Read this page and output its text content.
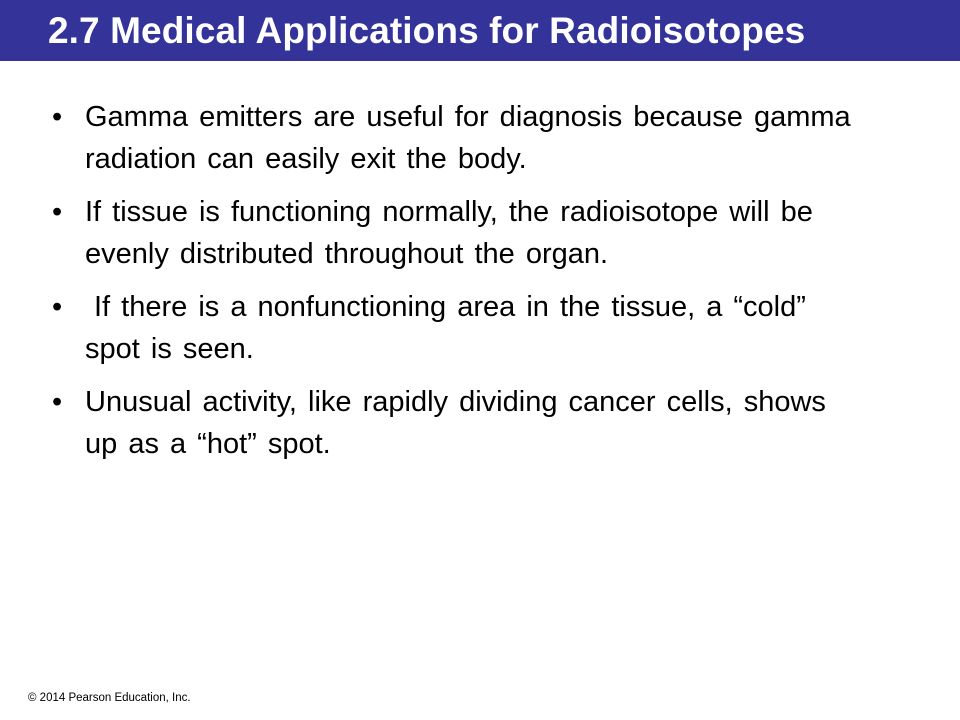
2.7 Medical Applications for Radioisotopes
• Gamma emitters are useful for diagnosis because gamma radiation can easily exit the body.
• If tissue is functioning normally, the radioisotope will be evenly distributed throughout the organ.
•	If there is a nonfunctioning area in the tissue, a “cold” spot is seen.
• Unusual activity, like rapidly dividing cancer cells, shows up as a “hot” spot.
© 2014 Pearson Education, Inc.
